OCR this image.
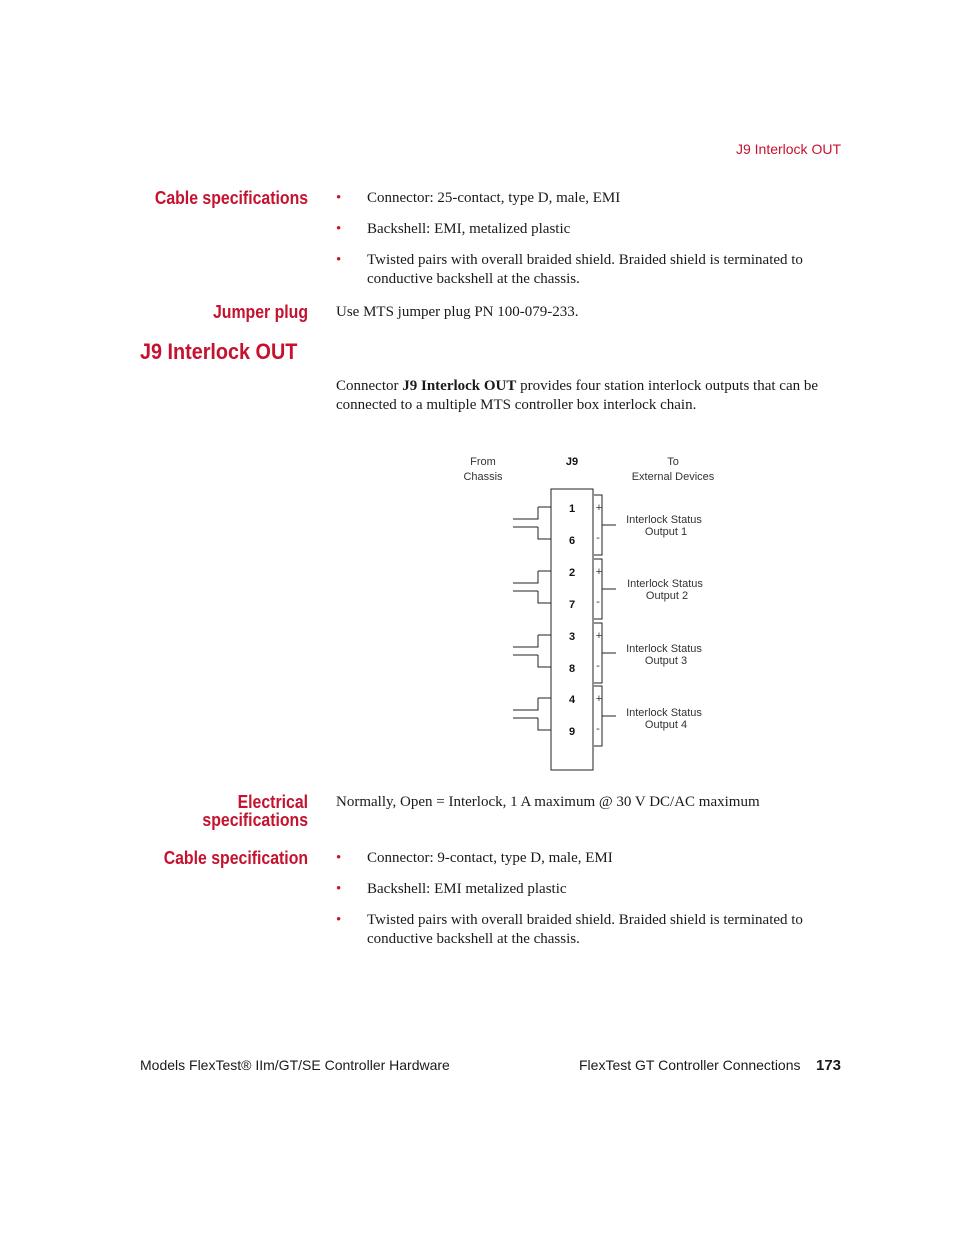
J9 Interlock OUT
Cable specifications • Connector: 25-contact, type D, male, EMI
• Backshell: EMI, metalized plastic
• Twisted pairs with overall braided shield. Braided shield is terminated to conductive backshell at the chassis.
Jumper plug Use MTS jumper plug PN 100-079-233.
J9 Interlock OUT
Connector J9 Interlock OUT provides four station interlock outputs that can be connected to a multiple MTS controller box interlock chain.
From
Chassis
J9	To
External Devices
1
6
+
-
Interlock Status
Output 1
2
7
+
-
Interlock Status
Output 2
3
8
+
-
Interlock Status
Output 3
4
9
+
-
Interlock Status
Output 4
Electrical
specifications
Normally, Open = Interlock, 1 A maximum @ 30 V DC/AC maximum
Cable specification • Connector: 9-contact, type D, male, EMI
• Backshell: EMI metalized plastic
• Twisted pairs with overall braided shield. Braided shield is terminated to conductive backshell at the chassis.
Models FlexTest® IIm/GT/SE Controller Hardware	FlexTest GT Controller Connections 173
